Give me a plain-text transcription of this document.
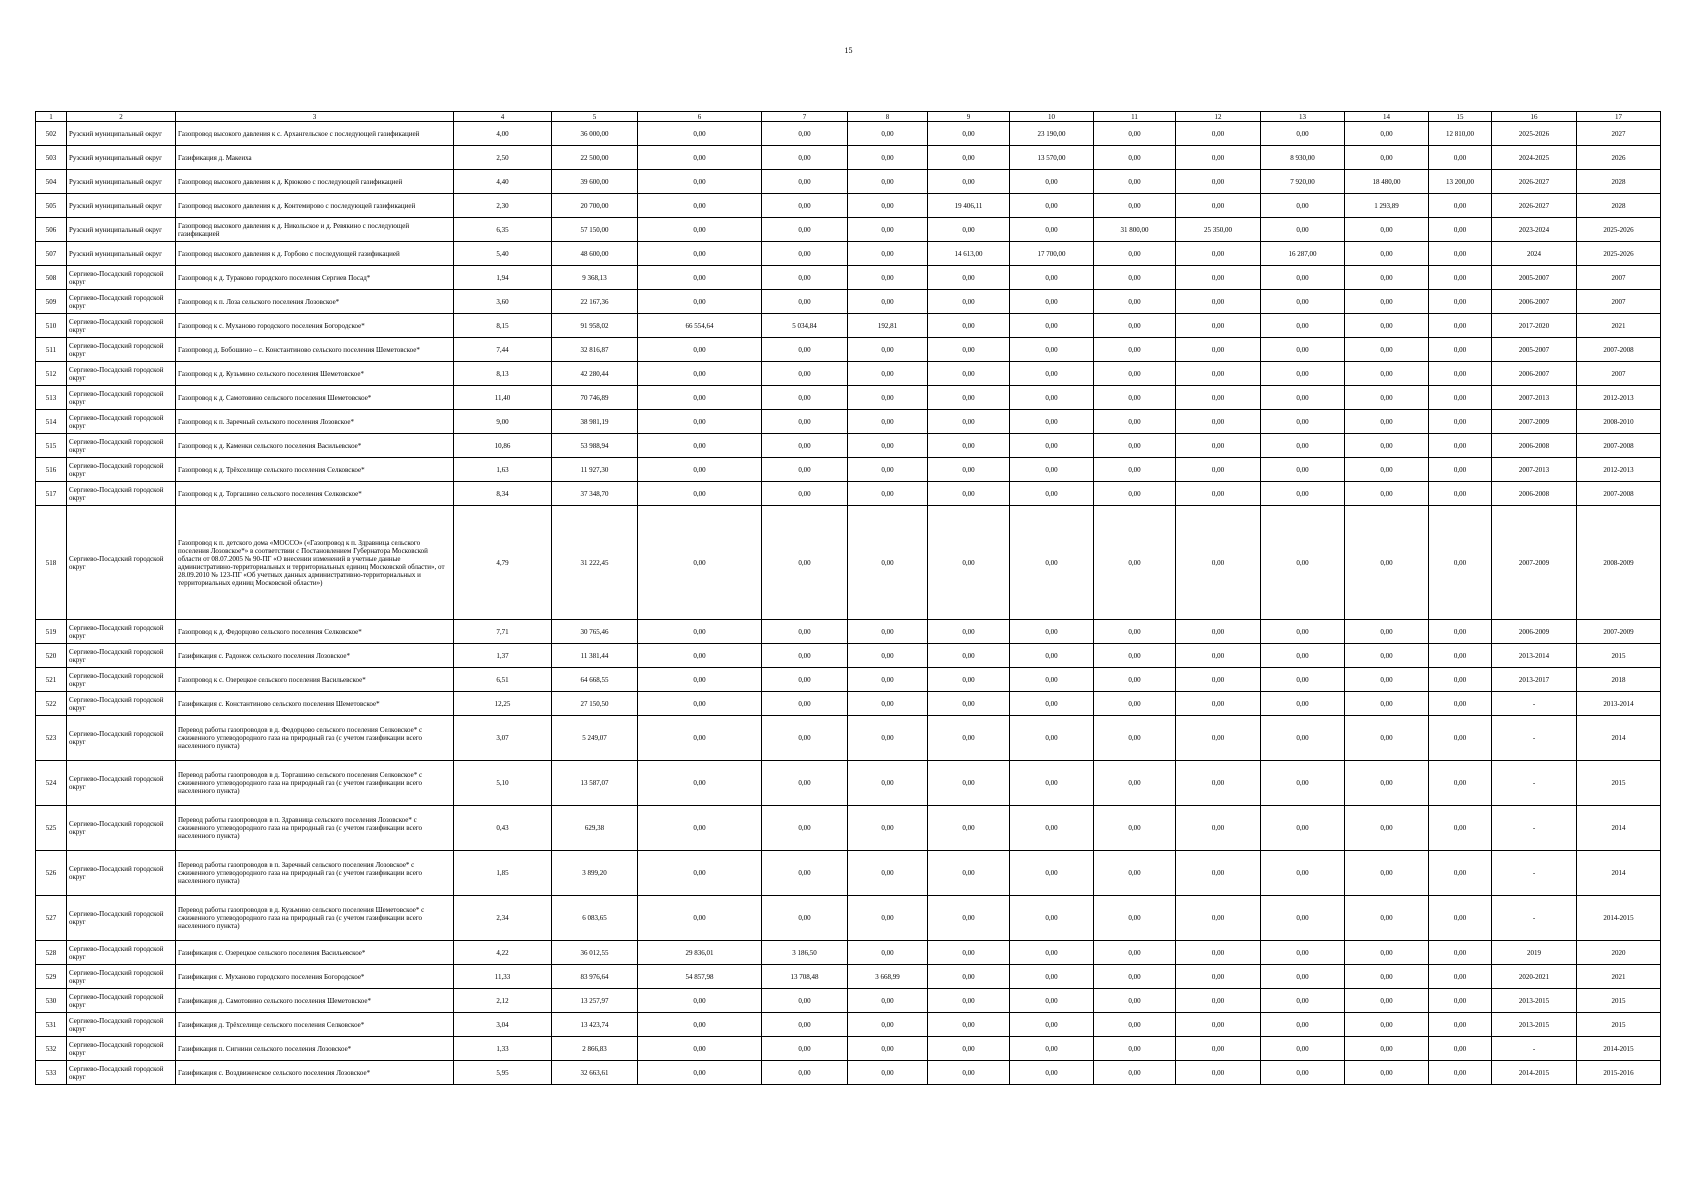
15
1	2	3	4	5	6	7	8	9	10	11	12	13	14	15	16	17
502	Рузский муниципальный округ	Газопровод высокого давления к с. Архангельское с последующей газификацией	4,00	36 000,00	0,00	0,00	0,00	0,00	23 190,00	0,00	0,00	0,00	0,00	12 810,00	2025-2026	2027
503	Рузский муниципальный округ	Газификация д. Макеиха	2,50	22 500,00	0,00	0,00	0,00	0,00	13 570,00	0,00	0,00	8 930,00	0,00	0,00	2024-2025	2026
504	Рузский муниципальный округ	Газопровод высокого давления к д. Крюково с последующей газификацией	4,40	39 600,00	0,00	0,00	0,00	0,00	0,00	0,00	0,00	7 920,00	18 480,00	13 200,00	2026-2027	2028
505	Рузский муниципальный округ	Газопровод высокого давления к д. Контемирово с последующей газификацией	2,30	20 700,00	0,00	0,00	0,00	19 406,11	0,00	0,00	0,00	0,00	1 293,89	0,00	2026-2027	2028
506	Рузский муниципальный округ	Газопровод высокого давления к д. Никольское и д. Ревякино с последующей газификацией	6,35	57 150,00	0,00	0,00	0,00	0,00	0,00	31 800,00	25 350,00	0,00	0,00	0,00	2023-2024	2025-2026
507	Рузский муниципальный округ	Газопровод высокого давления к д. Горбово с последующей газификацией	5,40	48 600,00	0,00	0,00	0,00	14 613,00	17 700,00	0,00	0,00	16 287,00	0,00	0,00	2024	2025-2026
508	Сергиево-Посадский городской округ	Газопровод к д. Тураково городского поселения Сергиев Посад*	1,94	9 368,13	0,00	0,00	0,00	0,00	0,00	0,00	0,00	0,00	0,00	0,00	2005-2007	2007
509	Сергиево-Посадский городской округ	Газопровод к п. Лоза сельского поселения Лозовское*	3,60	22 167,36	0,00	0,00	0,00	0,00	0,00	0,00	0,00	0,00	0,00	0,00	2006-2007	2007
510	Сергиево-Посадский городской округ	Газопровод к с. Муханово городского поселения Богородское*	8,15	91 958,02	66 554,64	5 034,84	192,81	0,00	0,00	0,00	0,00	0,00	0,00	0,00	2017-2020	2021
511	Сергиево-Посадский городской округ	Газопровод д. Бобошино – с. Константиново сельского поселения Шеметовское*	7,44	32 816,87	0,00	0,00	0,00	0,00	0,00	0,00	0,00	0,00	0,00	0,00	2005-2007	2007-2008
512	Сергиево-Посадский городской округ	Газопровод к д. Кузьмино сельского поселения Шеметовское*	8,13	42 280,44	0,00	0,00	0,00	0,00	0,00	0,00	0,00	0,00	0,00	0,00	2006-2007	2007
513	Сергиево-Посадский городской округ	Газопровод к д. Самотовино сельского поселения Шеметовское*	11,40	70 746,89	0,00	0,00	0,00	0,00	0,00	0,00	0,00	0,00	0,00	0,00	2007-2013	2012-2013
514	Сергиево-Посадский городской округ	Газопровод к п. Заречный сельского поселения Лозовское*	9,00	38 981,19	0,00	0,00	0,00	0,00	0,00	0,00	0,00	0,00	0,00	0,00	2007-2009	2008-2010
515	Сергиево-Посадский городской округ	Газопровод к д. Каменки сельского поселения Васильевское*	10,86	53 988,94	0,00	0,00	0,00	0,00	0,00	0,00	0,00	0,00	0,00	0,00	2006-2008	2007-2008
516	Сергиево-Посадский городской округ	Газопровод к д. Трёхселище сельского поселения Селковское*	1,63	11 927,30	0,00	0,00	0,00	0,00	0,00	0,00	0,00	0,00	0,00	0,00	2007-2013	2012-2013
517	Сергиево-Посадский городской округ	Газопровод к д. Торгашино сельского поселения Селковское*	8,34	37 348,70	0,00	0,00	0,00	0,00	0,00	0,00	0,00	0,00	0,00	0,00	2006-2008	2007-2008
518	Сергиево-Посадский городской округ	Газопровод к п. детского дома «МОССО» («Газопровод к п. Здравница сельского поселения Лозовское*» в соответствии с Постановлением Губернатора Московской области от 08.07.2005 № 90-ПГ «О внесении изменений в учетные данные административно-территориальных и территориальных единиц Московской области», от 28.09.2010 № 123-ПГ «Об учетных данных административно-территориальных и территориальных единиц Московской области»)	4,79	31 222,45	0,00	0,00	0,00	0,00	0,00	0,00	0,00	0,00	0,00	0,00	2007-2009	2008-2009
519	Сергиево-Посадский городской округ	Газопровод к д. Федорцово сельского поселения Селковское*	7,71	30 765,46	0,00	0,00	0,00	0,00	0,00	0,00	0,00	0,00	0,00	0,00	2006-2009	2007-2009
520	Сергиево-Посадский городской округ	Газификация с. Радонеж сельского поселения Лозовское*	1,37	11 381,44	0,00	0,00	0,00	0,00	0,00	0,00	0,00	0,00	0,00	0,00	2013-2014	2015
521	Сергиево-Посадский городской округ	Газопровод к с. Озерецкое сельского поселения Васильевское*	6,51	64 668,55	0,00	0,00	0,00	0,00	0,00	0,00	0,00	0,00	0,00	0,00	2013-2017	2018
522	Сергиево-Посадский городской округ	Газификация с. Константиново сельского поселения Шеметовское*	12,25	27 150,50	0,00	0,00	0,00	0,00	0,00	0,00	0,00	0,00	0,00	0,00	-	2013-2014
523	Сергиево-Посадский городской округ	Перевод работы газопроводов в д. Федорцово сельского поселения Селковское* с сжиженного углеводородного газа на природный газ (с учетом газификации всего населенного пункта)	3,07	5 249,07	0,00	0,00	0,00	0,00	0,00	0,00	0,00	0,00	0,00	0,00	-	2014
524	Сергиево-Посадский городской округ	Перевод работы газопроводов в д. Торгашино сельского поселения Селковское* с сжиженного углеводородного газа на природный газ (с учетом газификации всего населенного пункта)	5,10	13 587,07	0,00	0,00	0,00	0,00	0,00	0,00	0,00	0,00	0,00	0,00	-	2015
525	Сергиево-Посадский городской округ	Перевод работы газопроводов в п. Здравница сельского поселения Лозовское* с сжиженного углеводородного газа на природный газ (с учетом газификации всего населенного пункта)	0,43	629,38	0,00	0,00	0,00	0,00	0,00	0,00	0,00	0,00	0,00	0,00	-	2014
526	Сергиево-Посадский городской округ	Перевод работы газопроводов в п. Заречный сельского поселения Лозовское* с сжиженного углеводородного газа на природный газ (с учетом газификации всего населенного пункта)	1,85	3 899,20	0,00	0,00	0,00	0,00	0,00	0,00	0,00	0,00	0,00	0,00	-	2014
527	Сергиево-Посадский городской округ	Перевод работы газопроводов в д. Кузьмино сельского поселения Шеметовское* с сжиженного углеводородного газа на природный газ (с учетом газификации всего населенного пункта)	2,34	6 083,65	0,00	0,00	0,00	0,00	0,00	0,00	0,00	0,00	0,00	0,00	-	2014-2015
528	Сергиево-Посадский городской округ	Газификация с. Озерецкое сельского поселения Васильевское*	4,22	36 012,55	29 836,01	3 186,50	0,00	0,00	0,00	0,00	0,00	0,00	0,00	0,00	2019	2020
529	Сергиево-Посадский городской округ	Газификация с. Муханово городского поселения Богородское*	11,33	83 976,64	54 857,98	13 708,48	3 668,99	0,00	0,00	0,00	0,00	0,00	0,00	0,00	2020-2021	2021
530	Сергиево-Посадский городской округ	Газификация д. Самотовино сельского поселения Шеметовское*	2,12	13 257,97	0,00	0,00	0,00	0,00	0,00	0,00	0,00	0,00	0,00	0,00	2013-2015	2015
531	Сергиево-Посадский городской округ	Газификация д. Трёхселище сельского поселения Селковское*	3,04	13 423,74	0,00	0,00	0,00	0,00	0,00	0,00	0,00	0,00	0,00	0,00	2013-2015	2015
532	Сергиево-Посадский городской округ	Газификация п. Сигнини сельского поселения Лозовское*	1,33	2 866,83	0,00	0,00	0,00	0,00	0,00	0,00	0,00	0,00	0,00	0,00	-	2014-2015
533	Сергиево-Посадский городской округ	Газификация с. Воздвиженское сельского поселения Лозовское*	5,95	32 663,61	0,00	0,00	0,00	0,00	0,00	0,00	0,00	0,00	0,00	0,00	2014-2015	2015-2016
